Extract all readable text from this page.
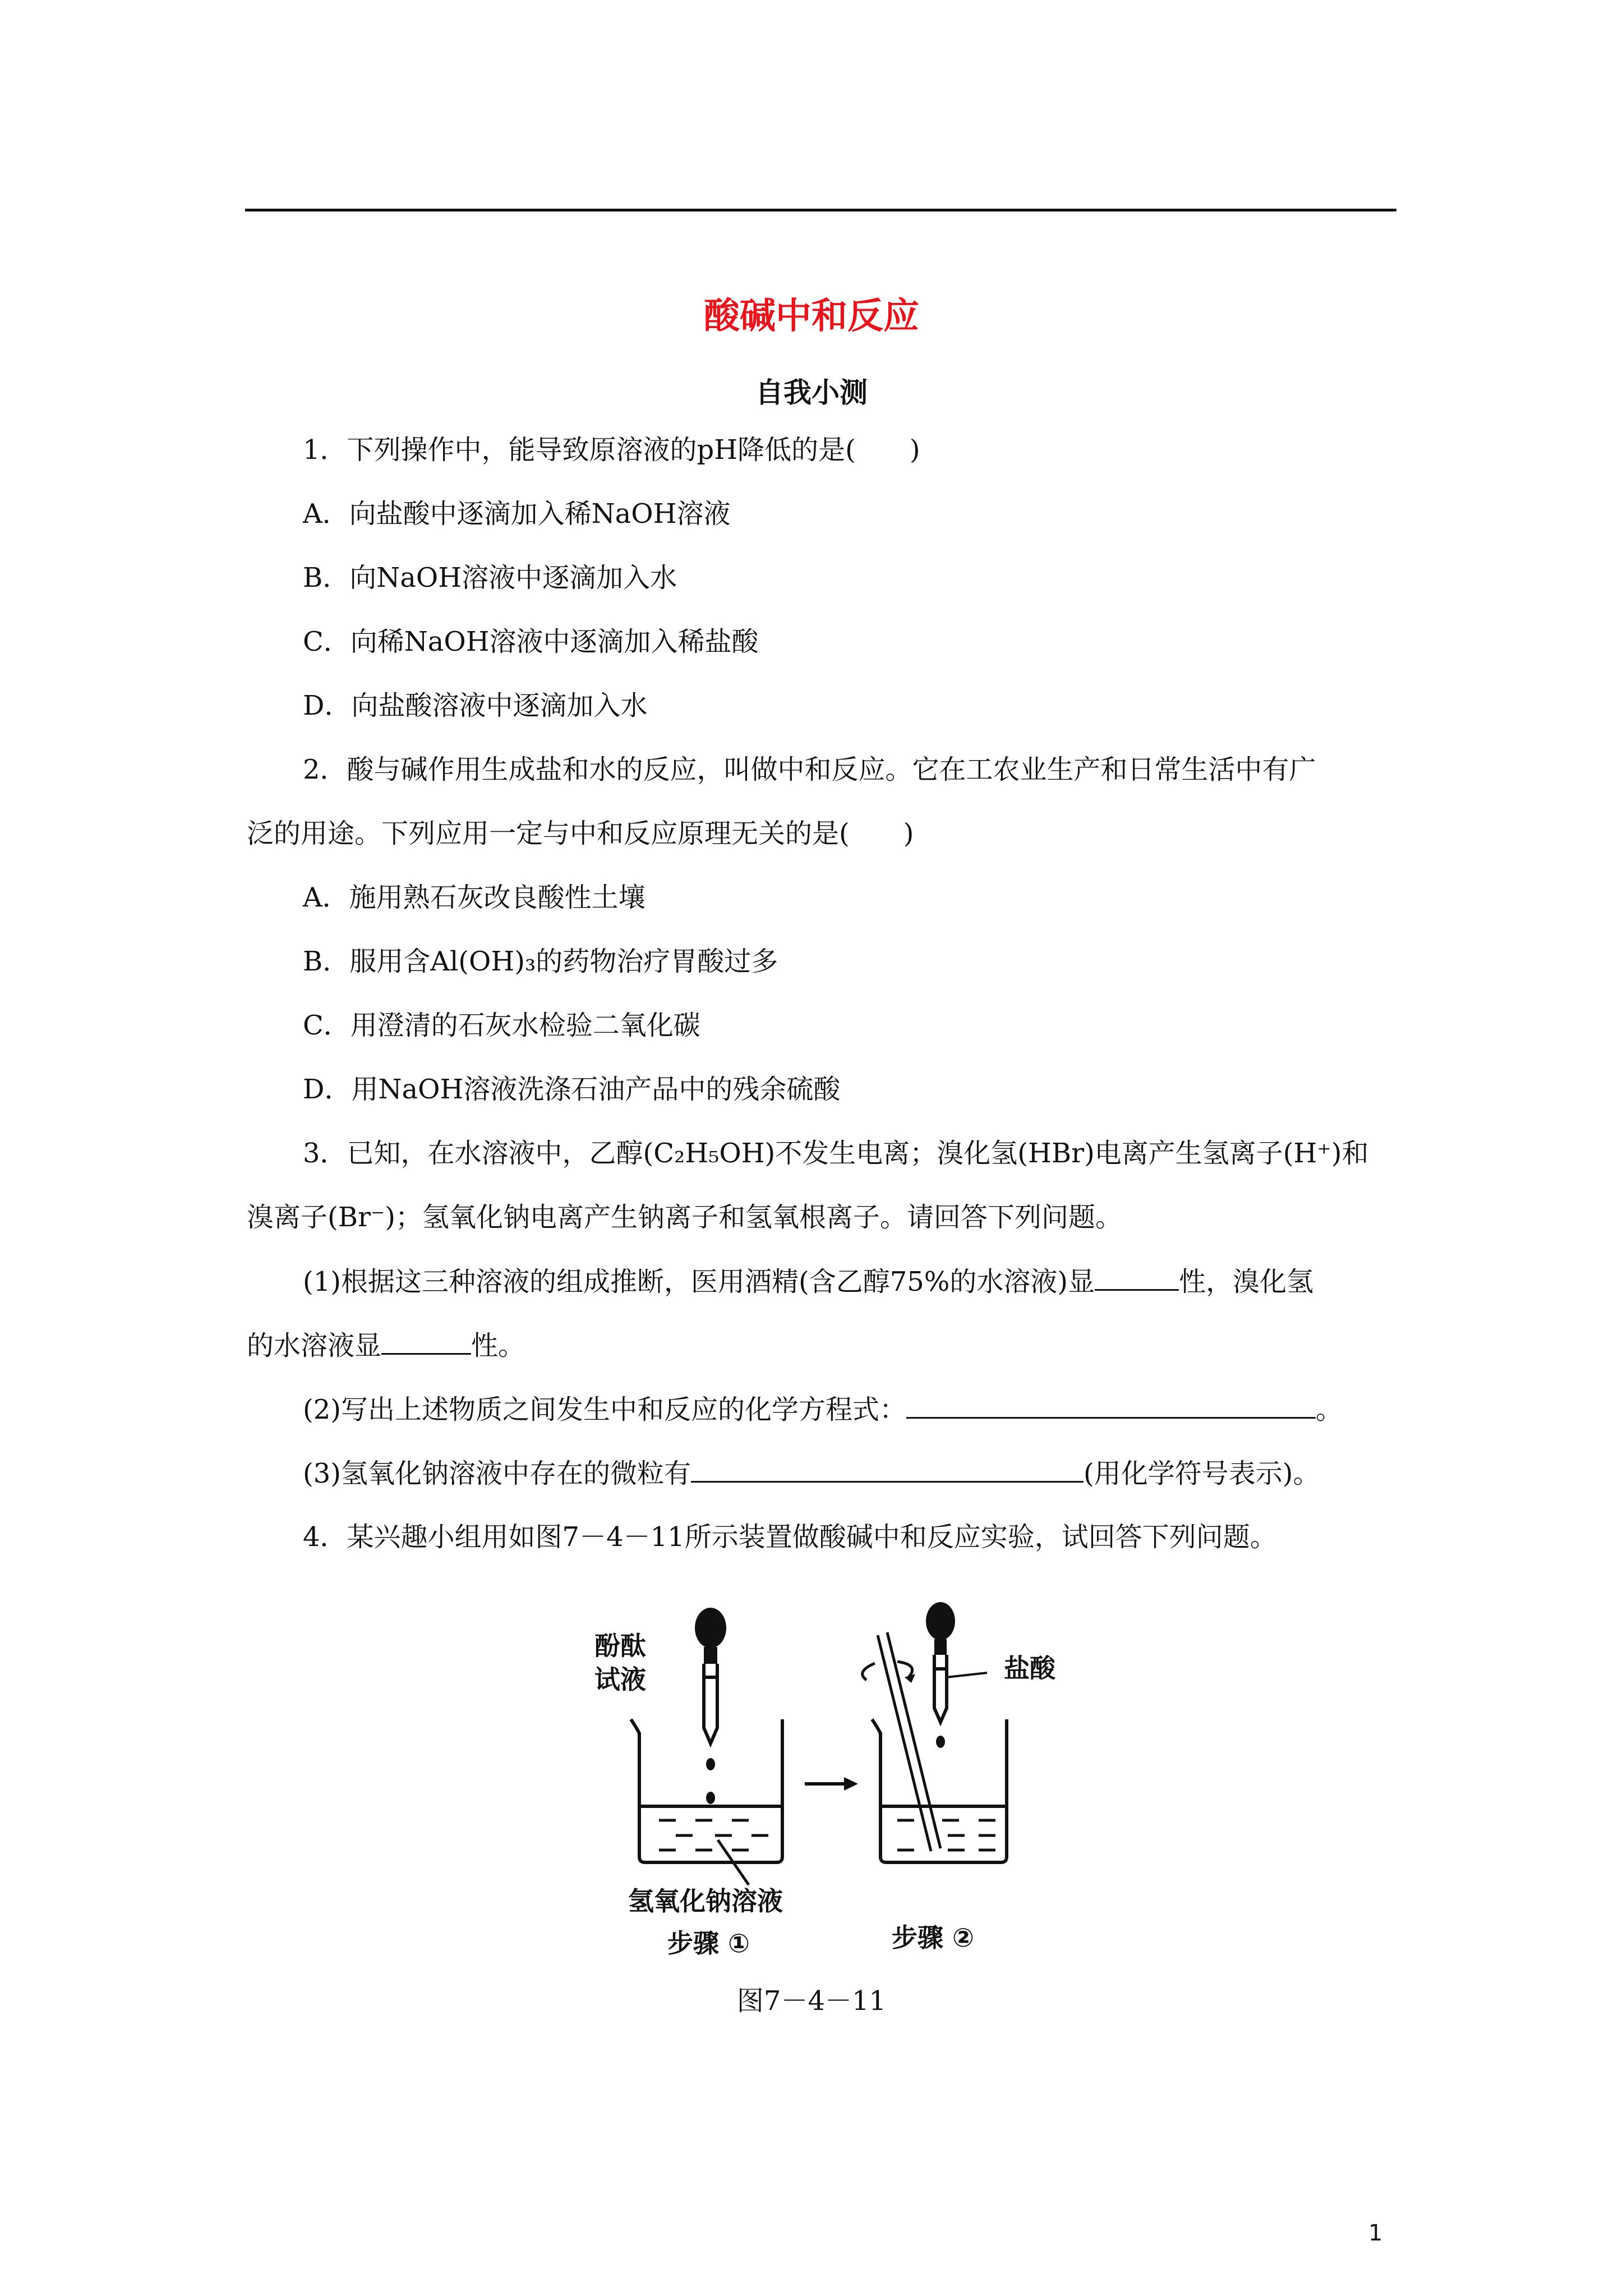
酸碱中和反应
自我小测
1．下列操作中，能导致原溶液的pH降低的是(　　)
A．向盐酸中逐滴加入稀NaOH溶液
B．向NaOH溶液中逐滴加入水
C．向稀NaOH溶液中逐滴加入稀盐酸
D．向盐酸溶液中逐滴加入水
2．酸与碱作用生成盐和水的反应，叫做中和反应。它在工农业生产和日常生活中有广
泛的用途。下列应用一定与中和反应原理无关的是(　　)
A．施用熟石灰改良酸性土壤
B．服用含Al(OH)₃的药物治疗胃酸过多
C．用澄清的石灰水检验二氧化碳
D．用NaOH溶液洗涤石油产品中的残余硫酸
3．已知，在水溶液中，乙醇(C₂H₅OH)不发生电离；溴化氢(HBr)电离产生氢离子(H⁺)和
溴离子(Br⁻)；氢氧化钠电离产生钠离子和氢氧根离子。请回答下列问题。
(1)根据这三种溶液的组成推断，医用酒精(含乙醇75%的水溶液)显	性，溴化氢
的水溶液显	性。
(2)写出上述物质之间发生中和反应的化学方程式：	。
(3)氢氧化钠溶液中存在的微粒有	(用化学符号表示)。
4．某兴趣小组用如图7－4－11所示装置做酸碱中和反应实验，试回答下列问题。
酚酞
试液	盐酸
氢氧化钠溶液
步骤 ①	步骤 ②
图7－4－11
1
